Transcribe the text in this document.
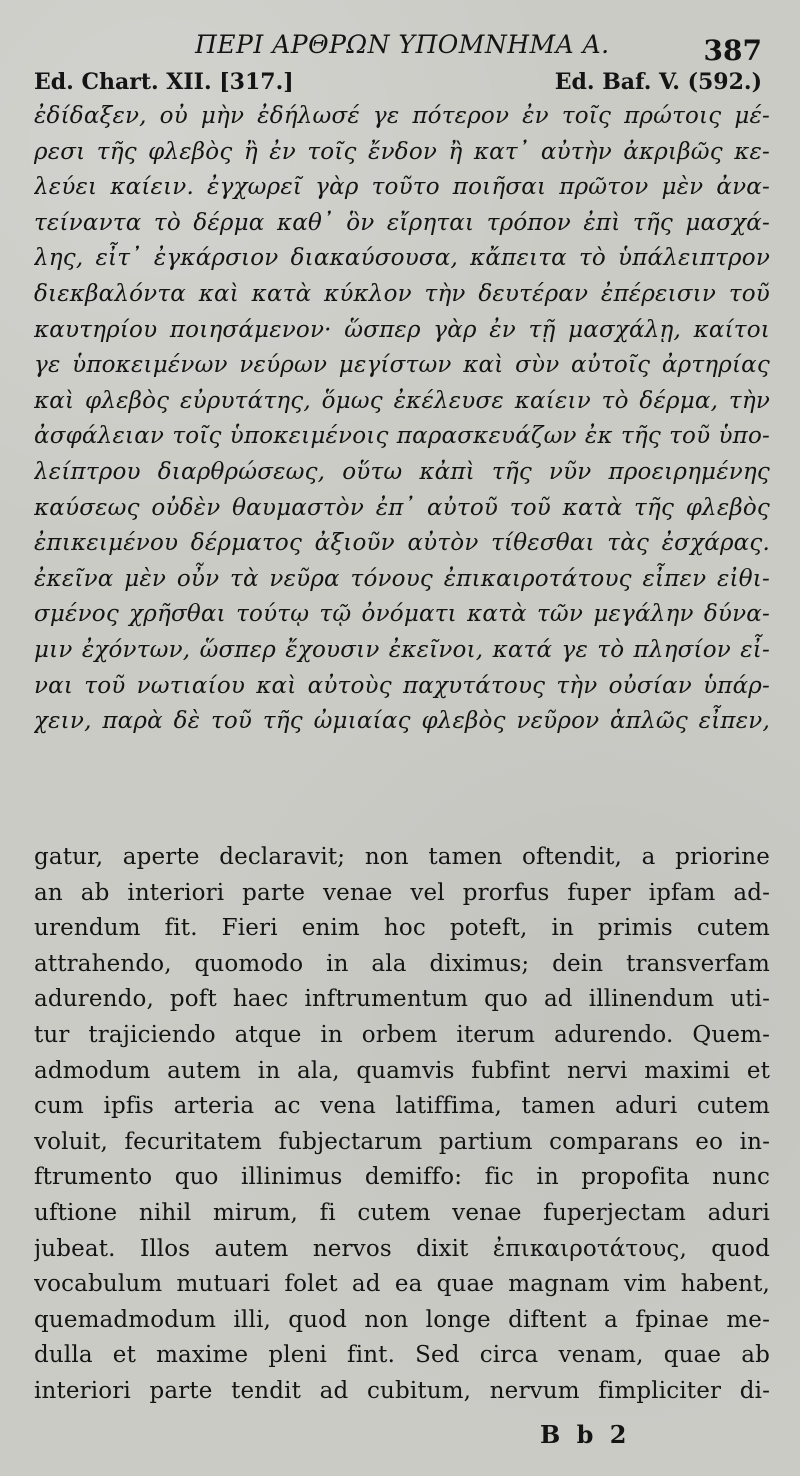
ΠΕΡΙ ΑΡΘΡΩΝ ΥΠΟΜΝΗΜΑ Α.	387
Ed. Chart. XII. [317.]	Ed. Baf. V. (592.)
ἐδίδαξεν, οὐ μὴν ἐδήλωσέ γε πότερον ἐν τοῖς πρώτοις μέ-
ρεσι τῆς φλεβὸς ἢ ἐν τοῖς ἔνδον ἢ κατ᾽ αὐτὴν ἀκριβῶς κε-
λεύει καίειν. ἐγχωρεῖ γὰρ τοῦτο ποιῆσαι πρῶτον μὲν ἀνα-
τείναντα τὸ δέρμα καθ᾽ ὃν εἴρηται τρόπον ἐπὶ τῆς μασχά-
λης, εἶτ᾽ ἐγκάρσιον διακαύσουσα, κἄπειτα τὸ ὑπάλειπτρον
διεκβαλόντα καὶ κατὰ κύκλον τὴν δευτέραν ἐπέρεισιν τοῦ
καυτηρίου ποιησάμενον· ὥσπερ γὰρ ἐν τῇ μασχάλῃ, καίτοι
γε ὑποκειμένων νεύρων μεγίστων καὶ σὺν αὐτοῖς ἀρτηρίας
καὶ φλεβὸς εὐρυτάτης, ὅμως ἐκέλευσε καίειν τὸ δέρμα, τὴν
ἀσφάλειαν τοῖς ὑποκειμένοις παρασκευάζων ἐκ τῆς τοῦ ὑπο-
λείπτρου διαρθρώσεως, οὕτω κἀπὶ τῆς νῦν προειρημένης
καύσεως οὐδὲν θαυμαστὸν ἐπ᾽ αὐτοῦ τοῦ κατὰ τῆς φλεβὸς
ἐπικειμένου δέρματος ἀξιοῦν αὐτὸν τίθεσθαι τὰς ἐσχάρας.
ἐκεῖνα μὲν οὖν τὰ νεῦρα τόνους ἐπικαιροτάτους εἶπεν εἰθι-
σμένος χρῆσθαι τούτῳ τῷ ὀνόματι κατὰ τῶν μεγάλην δύνα-
μιν ἐχόντων, ὥσπερ ἔχουσιν ἐκεῖνοι, κατά γε τὸ πλησίον εἶ-
ναι τοῦ νωτιαίου καὶ αὐτοὺς παχυτάτους τὴν οὐσίαν ὑπάρ-
χειν, παρὰ δὲ τοῦ τῆς ὠμιαίας φλεβὸς νεῦρον ἁπλῶς εἶπεν,
gatur, aperte declaravit; non tamen oftendit, a priorine
an ab interiori parte venae vel prorfus fuper ipfam ad-
urendum fit. Fieri enim hoc poteft, in primis cutem
attrahendo, quomodo in ala diximus; dein transverfam
adurendo, poft haec inftrumentum quo ad illinendum uti-
tur trajiciendo atque in orbem iterum adurendo. Quem-
admodum autem in ala, quamvis fubfint nervi maximi et
cum ipfis arteria ac vena latiffima, tamen aduri cutem
voluit, fecuritatem fubjectarum partium comparans eo in-
ftrumento quo illinimus demiffo: fic in propofita nunc
uftione nihil mirum, fi cutem venae fuperjectam aduri
jubeat. Illos autem nervos dixit ἐπικαιροτάτους, quod
vocabulum mutuari folet ad ea quae magnam vim habent,
quemadmodum illi, quod non longe diftent a fpinae me-
dulla et maxime pleni fint. Sed circa venam, quae ab
interiori parte tendit ad cubitum, nervum fimpliciter di-
B b 2
